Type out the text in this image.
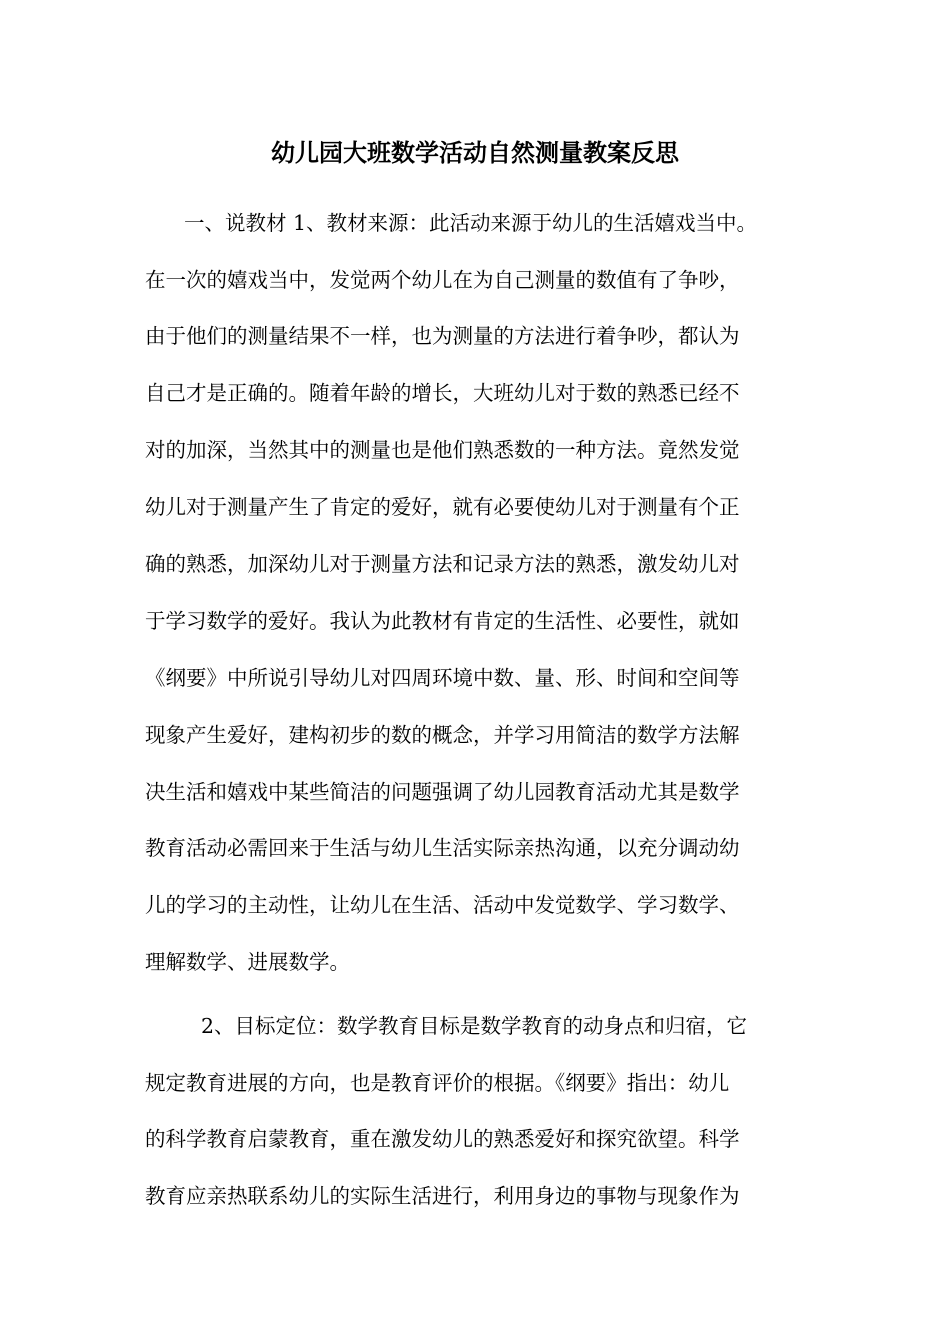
幼儿园大班数学活动自然测量教案反思

一、说教材 1、教材来源：此活动来源于幼儿的生活嬉戏当中。

在一次的嬉戏当中，发觉两个幼儿在为自己测量的数值有了争吵，

由于他们的测量结果不一样，也为测量的方法进行着争吵，都认为

自己才是正确的。随着年龄的增长，大班幼儿对于数的熟悉已经不

对的加深，当然其中的测量也是他们熟悉数的一种方法。竟然发觉

幼儿对于测量产生了肯定的爱好，就有必要使幼儿对于测量有个正

确的熟悉，加深幼儿对于测量方法和记录方法的熟悉，激发幼儿对

于学习数学的爱好。我认为此教材有肯定的生活性、必要性，就如

《纲要》中所说引导幼儿对四周环境中数、量、形、时间和空间等

现象产生爱好，建构初步的数的概念，并学习用简洁的数学方法解

决生活和嬉戏中某些简洁的问题强调了幼儿园教育活动尤其是数学

教育活动必需回来于生活与幼儿生活实际亲热沟通，以充分调动幼

儿的学习的主动性，让幼儿在生活、活动中发觉数学、学习数学、

理解数学、进展数学。

2、目标定位：数学教育目标是数学教育的动身点和归宿，它

规定教育进展的方向，也是教育评价的根据。《纲要》指出：幼儿

的科学教育启蒙教育，重在激发幼儿的熟悉爱好和探究欲望。科学

教育应亲热联系幼儿的实际生活进行，利用身边的事物与现象作为
